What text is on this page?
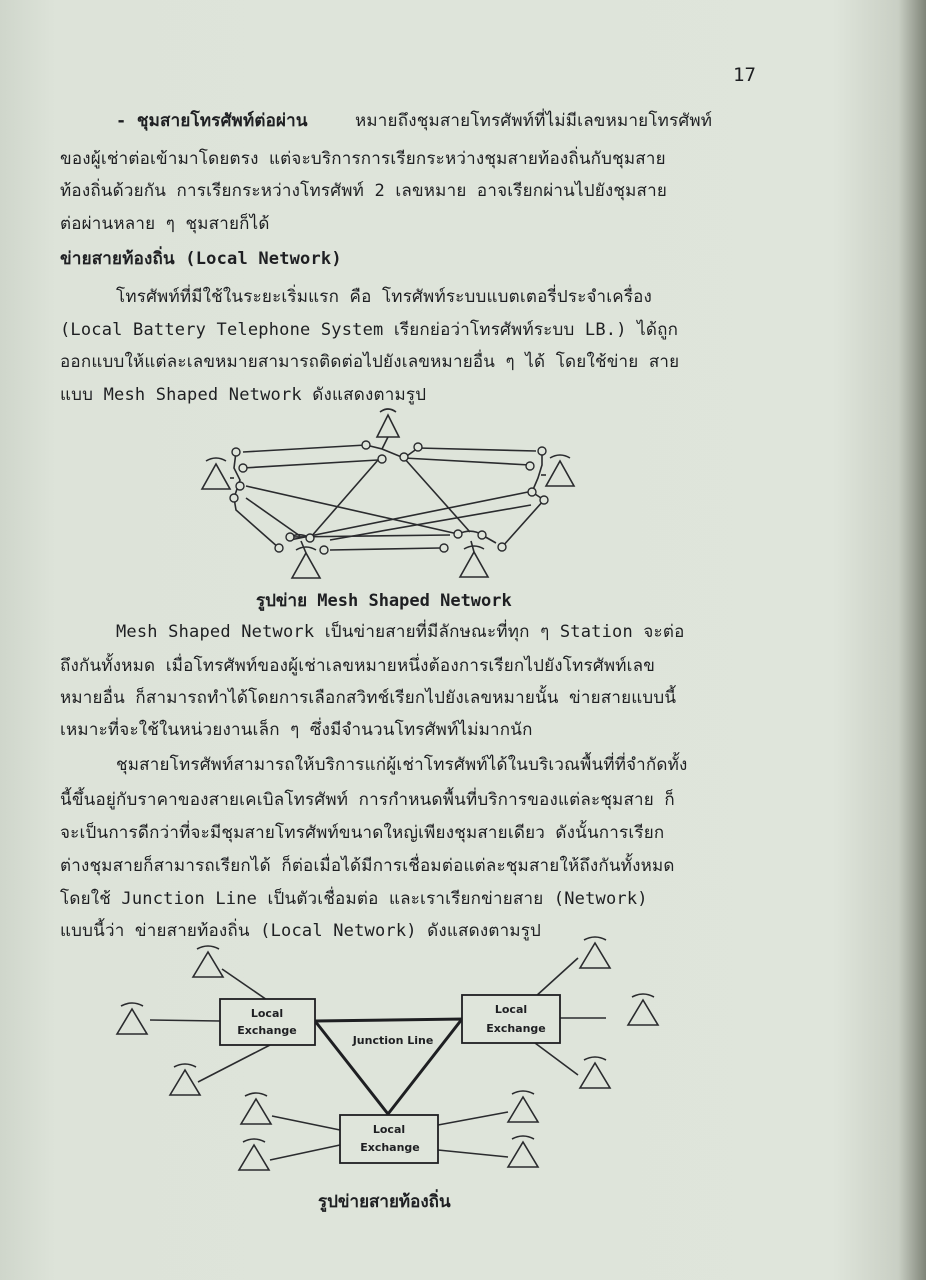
17
- ชุมสายโทรศัพท์ต่อผ่าน	หมายถึงชุมสายโทรศัพท์ที่ไม่มีเลขหมายโทรศัพท์
ของผู้เช่าต่อเข้ามาโดยตรง แต่จะบริการการเรียกระหว่างชุมสายท้องถิ่นกับชุมสาย
ท้องถิ่นด้วยกัน การเรียกระหว่างโทรศัพท์ 2 เลขหมาย อาจเรียกผ่านไปยังชุมสาย
ต่อผ่านหลาย ๆ ชุมสายก็ได้
ข่ายสายท้องถิ่น (Local Network)
โทรศัพท์ที่มีใช้ในระยะเริ่มแรก คือ โทรศัพท์ระบบแบตเตอรี่ประจำเครื่อง
(Local Battery Telephone System เรียกย่อว่าโทรศัพท์ระบบ LB.) ได้ถูก
ออกแบบให้แต่ละเลขหมายสามารถติดต่อไปยังเลขหมายอื่น ๆ ได้ โดยใช้ข่าย สาย
แบบ Mesh Shaped Network ดังแสดงตามรูป
รูปข่าย Mesh Shaped Network
Mesh Shaped Network เป็นข่ายสายที่มีลักษณะที่ทุก ๆ Station จะต่อ
ถึงกันทั้งหมด เมื่อโทรศัพท์ของผู้เช่าเลขหมายหนึ่งต้องการเรียกไปยังโทรศัพท์เลข
หมายอื่น ก็สามารถทำได้โดยการเลือกสวิทช์เรียกไปยังเลขหมายนั้น ข่ายสายแบบนี้
เหมาะที่จะใช้ในหน่วยงานเล็ก ๆ ซึ่งมีจำนวนโทรศัพท์ไม่มากนัก
ชุมสายโทรศัพท์สามารถให้บริการแก่ผู้เช่าโทรศัพท์ได้ในบริเวณพื้นที่ที่จำกัดทั้ง
นี้ขึ้นอยู่กับราคาของสายเคเบิลโทรศัพท์ การกำหนดพื้นที่บริการของแต่ละชุมสาย ก็
จะเป็นการดีกว่าที่จะมีชุมสายโทรศัพท์ขนาดใหญ่เพียงชุมสายเดียว ดังนั้นการเรียก
ต่างชุมสายก็สามารถเรียกได้ ก็ต่อเมื่อได้มีการเชื่อมต่อแต่ละชุมสายให้ถึงกันทั้งหมด
โดยใช้ Junction Line เป็นตัวเชื่อมต่อ และเราเรียกข่ายสาย (Network)
แบบนี้ว่า ข่ายสายท้องถิ่น (Local Network) ดังแสดงตามรูป
Local
Exchange
Local
Exchange
Local
Exchange
Junction Line
รูปข่ายสายท้องถิ่น
